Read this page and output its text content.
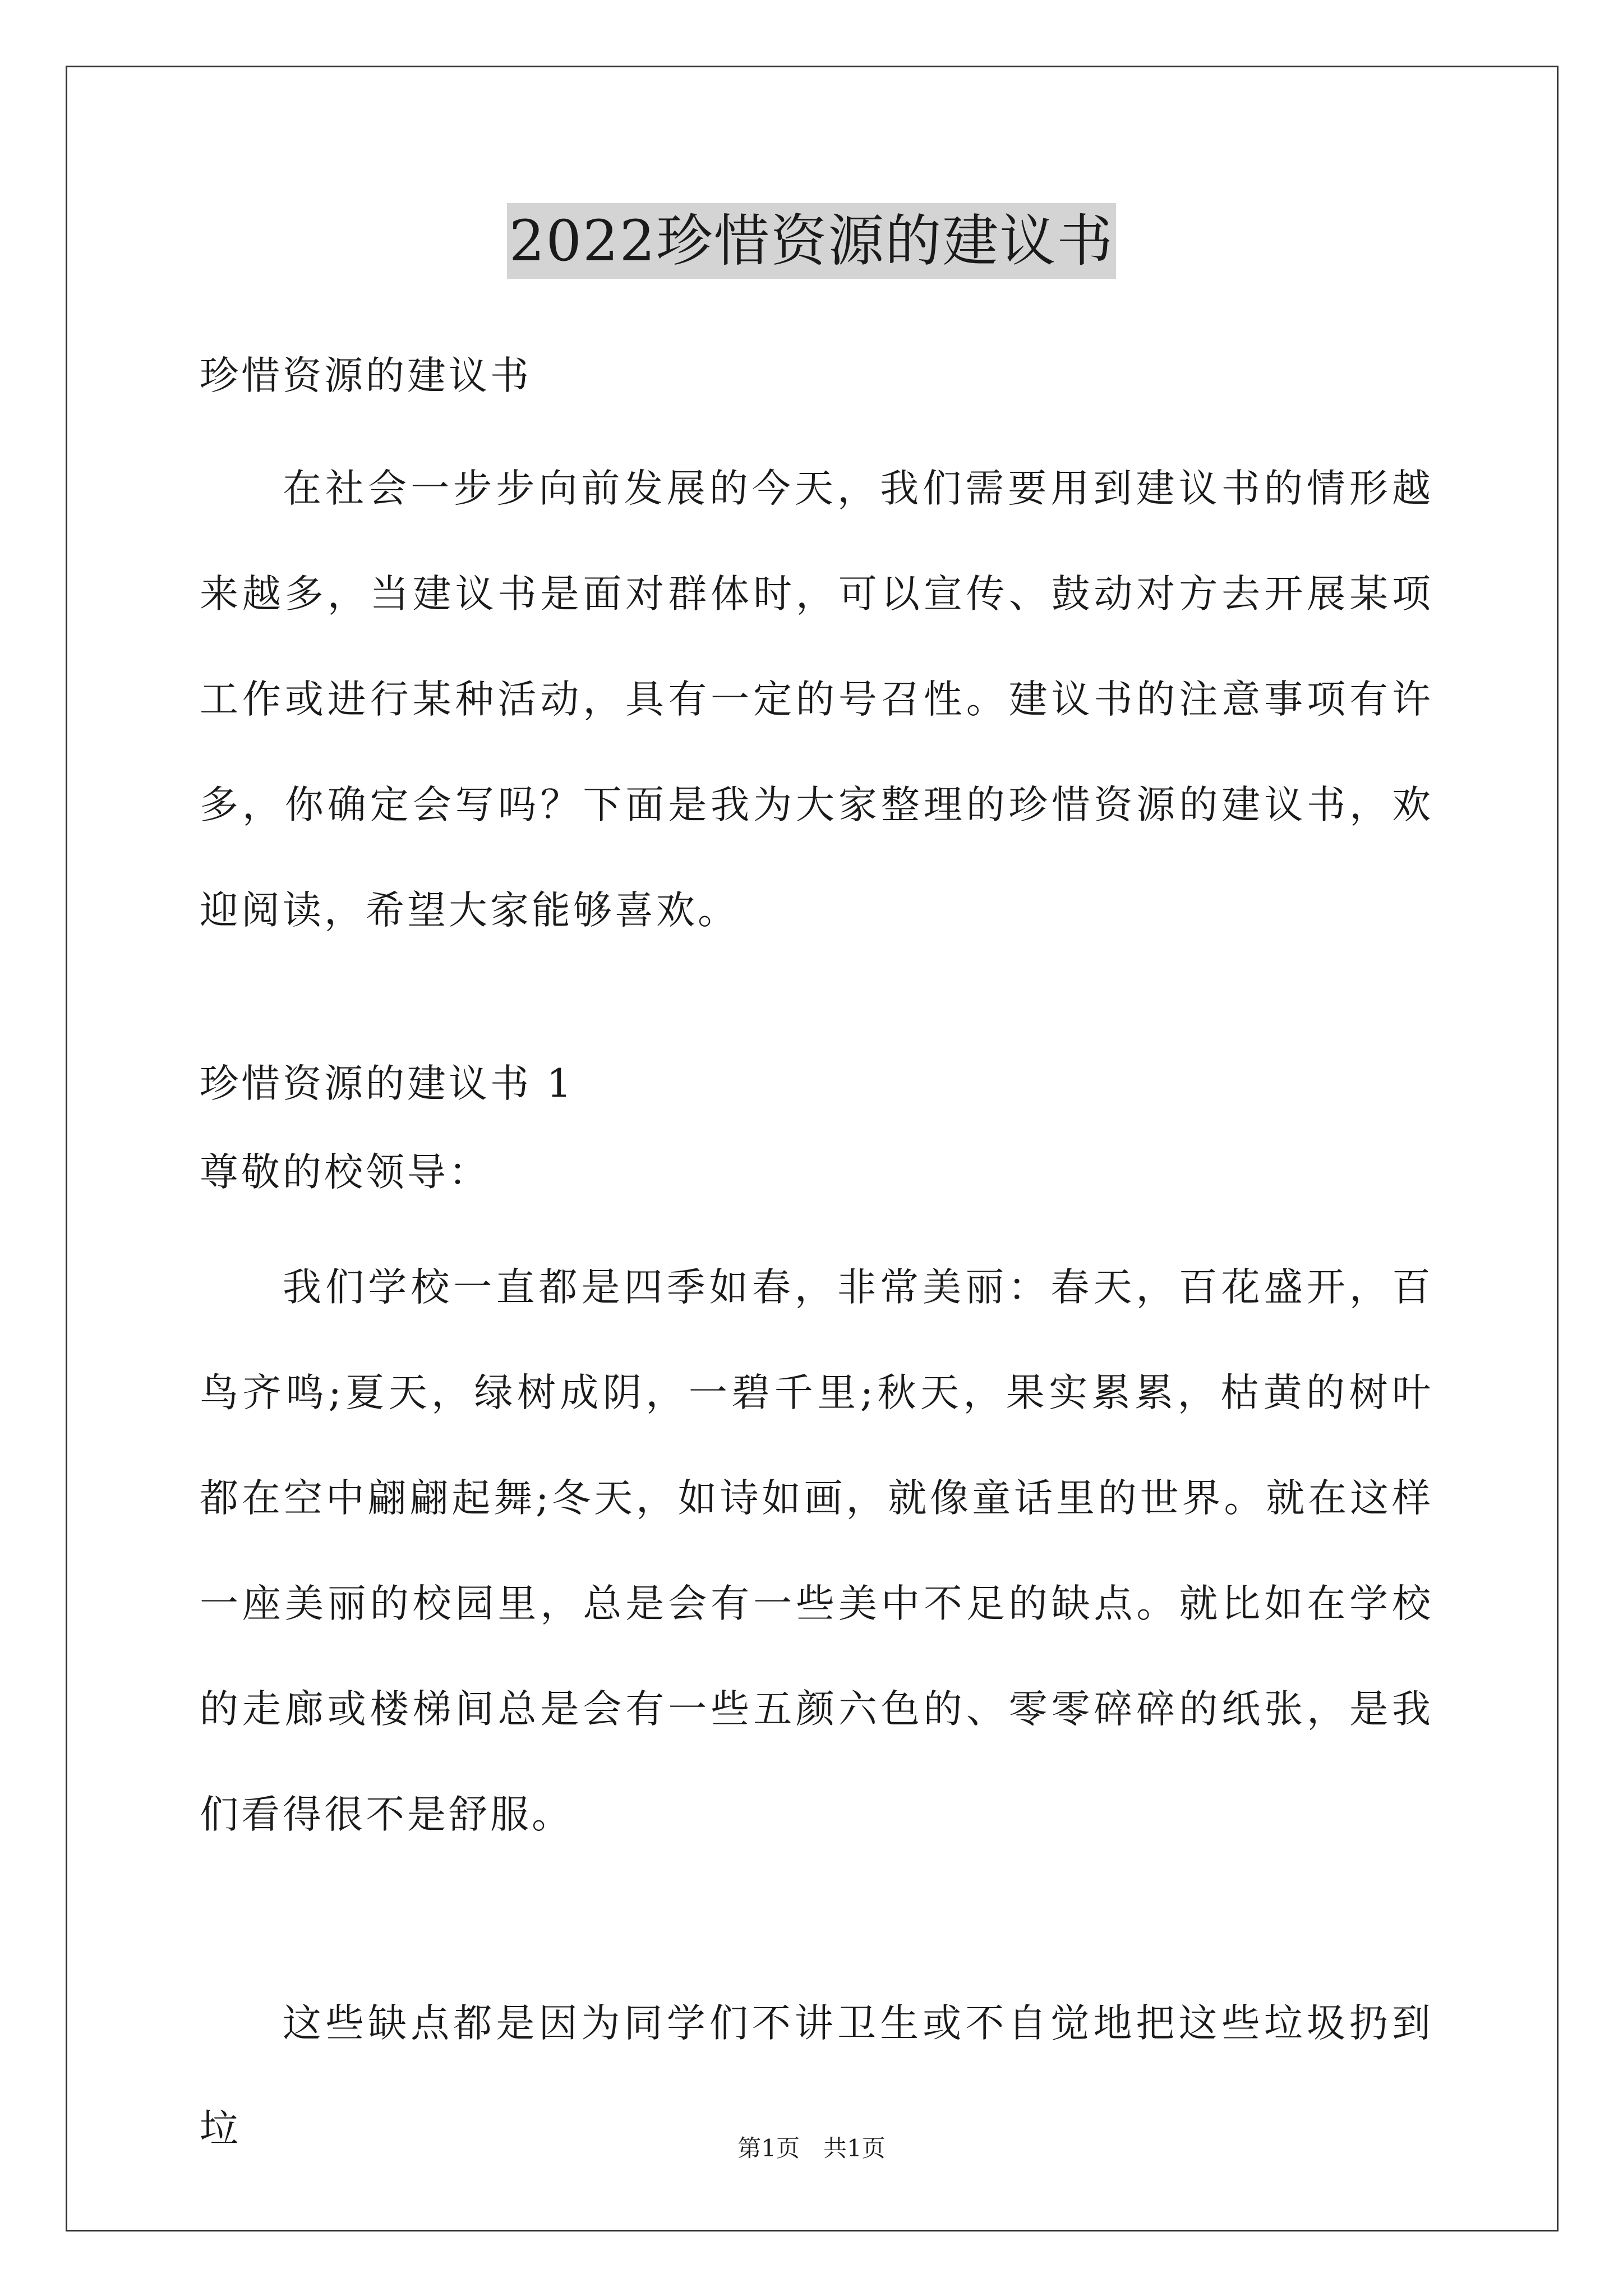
2022珍惜资源的建议书
珍惜资源的建议书

在社会一步步向前发展的今天，我们需要用到建议书的情形越来越多，当建议书是面对群体时，可以宣传、鼓动对方去开展某项工作或进行某种活动，具有一定的号召性。建议书的注意事项有许多，你确定会写吗？下面是我为大家整理的珍惜资源的建议书，欢迎阅读，希望大家能够喜欢。

珍惜资源的建议书 1
尊敬的校领导：

我们学校一直都是四季如春，非常美丽：春天，百花盛开，百鸟齐鸣;夏天，绿树成阴，一碧千里;秋天，果实累累，枯黄的树叶都在空中翩翩起舞;冬天，如诗如画，就像童话里的世界。就在这样一座美丽的校园里，总是会有一些美中不足的缺点。就比如在学校的走廊或楼梯间总是会有一些五颜六色的、零零碎碎的纸张，是我们看得很不是舒服。

这些缺点都是因为同学们不讲卫生或不自觉地把这些垃圾扔到垃	第1页　共1页
